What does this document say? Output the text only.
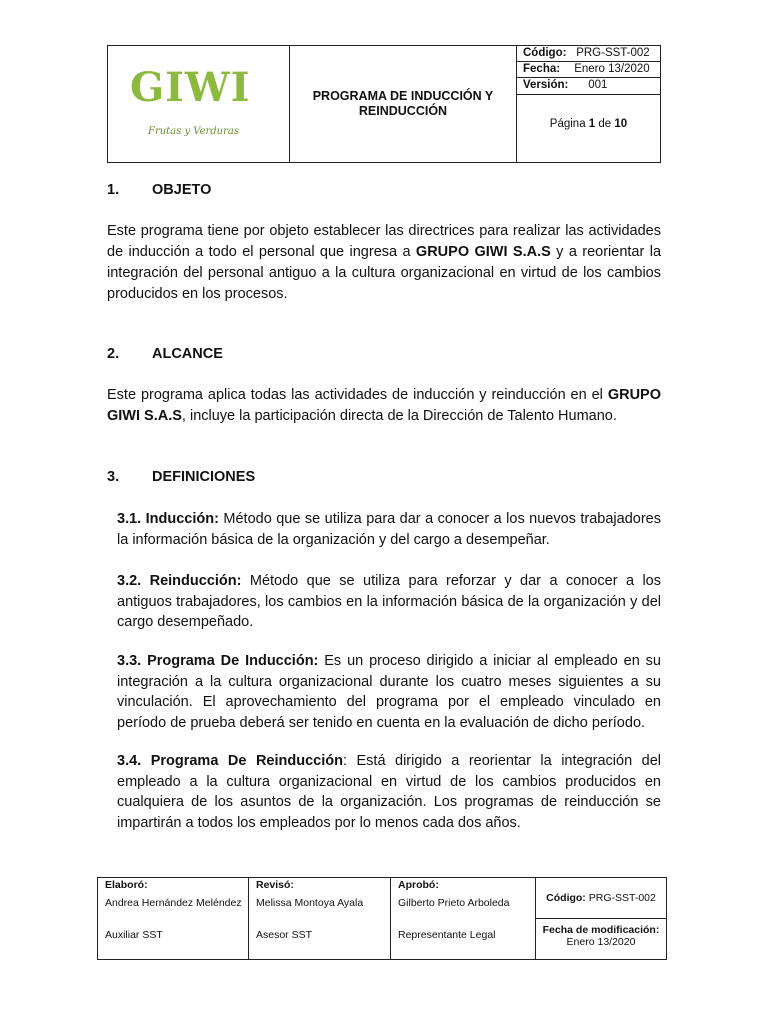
GIWI
Frutas y Verduras
PROGRAMA DE INDUCCIÓN Y
REINDUCCIÓN
Código: PRG-SST-002
Fecha: Enero 13/2020
Versión: 001
Página 1 de 10
1. OBJETO
Este programa tiene por objeto establecer las directrices para realizar las actividades de inducción a todo el personal que ingresa a GRUPO GIWI S.A.S y a reorientar la integración del personal antiguo a la cultura organizacional en virtud de los cambios producidos en los procesos.
2. ALCANCE
Este programa aplica todas las actividades de inducción y reinducción en el GRUPO GIWI S.A.S, incluye la participación directa de la Dirección de Talento Humano.
3. DEFINICIONES
3.1. Inducción: Método que se utiliza para dar a conocer a los nuevos trabajadores la información básica de la organización y del cargo a desempeñar.
3.2. Reinducción: Método que se utiliza para reforzar y dar a conocer a los antiguos trabajadores, los cambios en la información básica de la organización y del cargo desempeñado.
3.3. Programa De Inducción: Es un proceso dirigido a iniciar al empleado en su integración a la cultura organizacional durante los cuatro meses siguientes a su vinculación. El aprovechamiento del programa por el empleado vinculado en período de prueba deberá ser tenido en cuenta en la evaluación de dicho período.
3.4. Programa De Reinducción: Está dirigido a reorientar la integración del empleado a la cultura organizacional en virtud de los cambios producidos en cualquiera de los asuntos de la organización. Los programas de reinducción se impartirán a todos los empleados por lo menos cada dos años.
Elaboró:
Andrea Hernández Meléndez
Auxiliar SST
Revisó:
Melissa Montoya Ayala
Asesor SST
Aprobó:
Gilberto Prieto Arboleda
Representante Legal
Código:
PRG-SST-002
Fecha de modificación:
Enero 13/2020
